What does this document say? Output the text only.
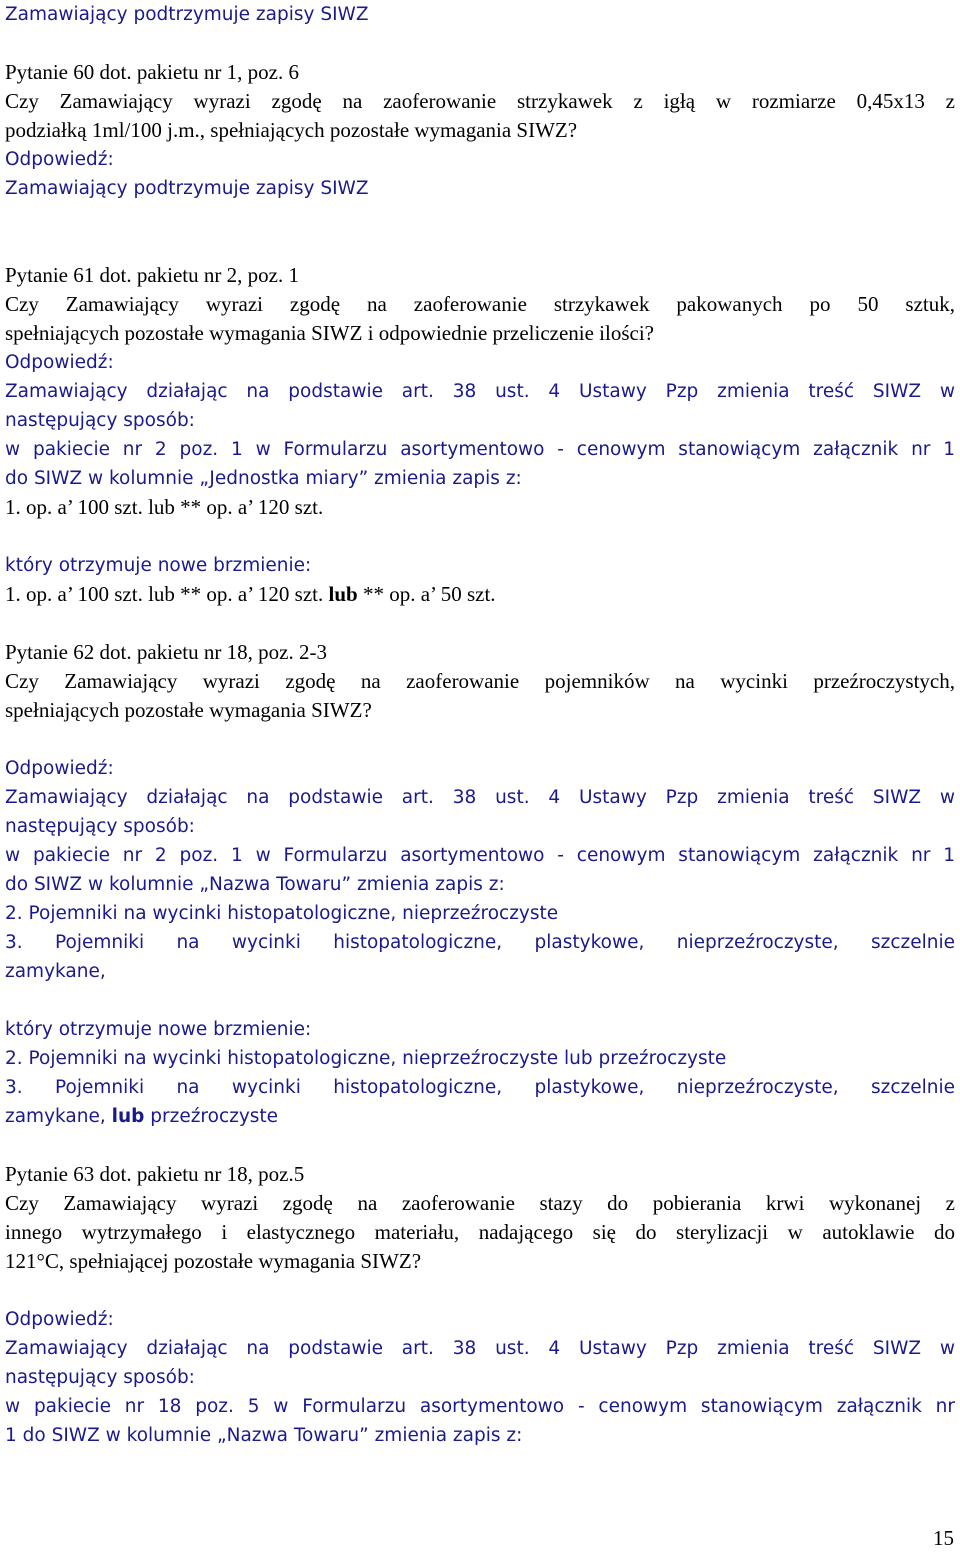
Zamawiający podtrzymuje zapisy SIWZ
Pytanie 60 dot. pakietu nr 1, poz. 6
Czy Zamawiający wyrazi zgodę na zaoferowanie strzykawek z igłą w rozmiarze 0,45x13 z
podziałką 1ml/100 j.m., spełniających pozostałe wymagania SIWZ?
Odpowiedź:
Zamawiający podtrzymuje zapisy SIWZ
Pytanie 61 dot. pakietu nr 2, poz. 1
Czy Zamawiający wyrazi zgodę na zaoferowanie strzykawek pakowanych po 50 sztuk,
spełniających pozostałe wymagania SIWZ i odpowiednie przeliczenie ilości?
Odpowiedź:
Zamawiający działając na podstawie art. 38 ust. 4 Ustawy Pzp zmienia treść SIWZ w
następujący sposób:
w pakiecie nr 2 poz. 1 w Formularzu asortymentowo - cenowym stanowiącym załącznik nr 1
do SIWZ w kolumnie „Jednostka miary” zmienia zapis z:
1. op. a’ 100 szt. lub ** op. a’ 120 szt.
który otrzymuje nowe brzmienie:
1. op. a’ 100 szt. lub ** op. a’ 120 szt. lub ** op. a’ 50 szt.
Pytanie 62 dot. pakietu nr 18, poz. 2-3
Czy Zamawiający wyrazi zgodę na zaoferowanie pojemników na wycinki przeźroczystych,
spełniających pozostałe wymagania SIWZ?
Odpowiedź:
Zamawiający działając na podstawie art. 38 ust. 4 Ustawy Pzp zmienia treść SIWZ w
następujący sposób:
w pakiecie nr 2 poz. 1 w Formularzu asortymentowo - cenowym stanowiącym załącznik nr 1
do SIWZ w kolumnie „Nazwa Towaru” zmienia zapis z:
2. Pojemniki na wycinki histopatologiczne, nieprzeźroczyste
3. Pojemniki na wycinki histopatologiczne, plastykowe, nieprzeźroczyste, szczelnie
zamykane,
który otrzymuje nowe brzmienie:
2. Pojemniki na wycinki histopatologiczne, nieprzeźroczyste lub przeźroczyste
3. Pojemniki na wycinki histopatologiczne, plastykowe, nieprzeźroczyste, szczelnie
zamykane, lub przeźroczyste
Pytanie 63 dot. pakietu nr 18, poz.5
Czy Zamawiający wyrazi zgodę na zaoferowanie stazy do pobierania krwi wykonanej z
innego wytrzymałego i elastycznego materiału, nadającego się do sterylizacji w autoklawie do
121°C, spełniającej pozostałe wymagania SIWZ?
Odpowiedź:
Zamawiający działając na podstawie art. 38 ust. 4 Ustawy Pzp zmienia treść SIWZ w
następujący sposób:
w pakiecie nr 18 poz. 5 w Formularzu asortymentowo - cenowym stanowiącym załącznik nr
1 do SIWZ w kolumnie „Nazwa Towaru” zmienia zapis z:
15
